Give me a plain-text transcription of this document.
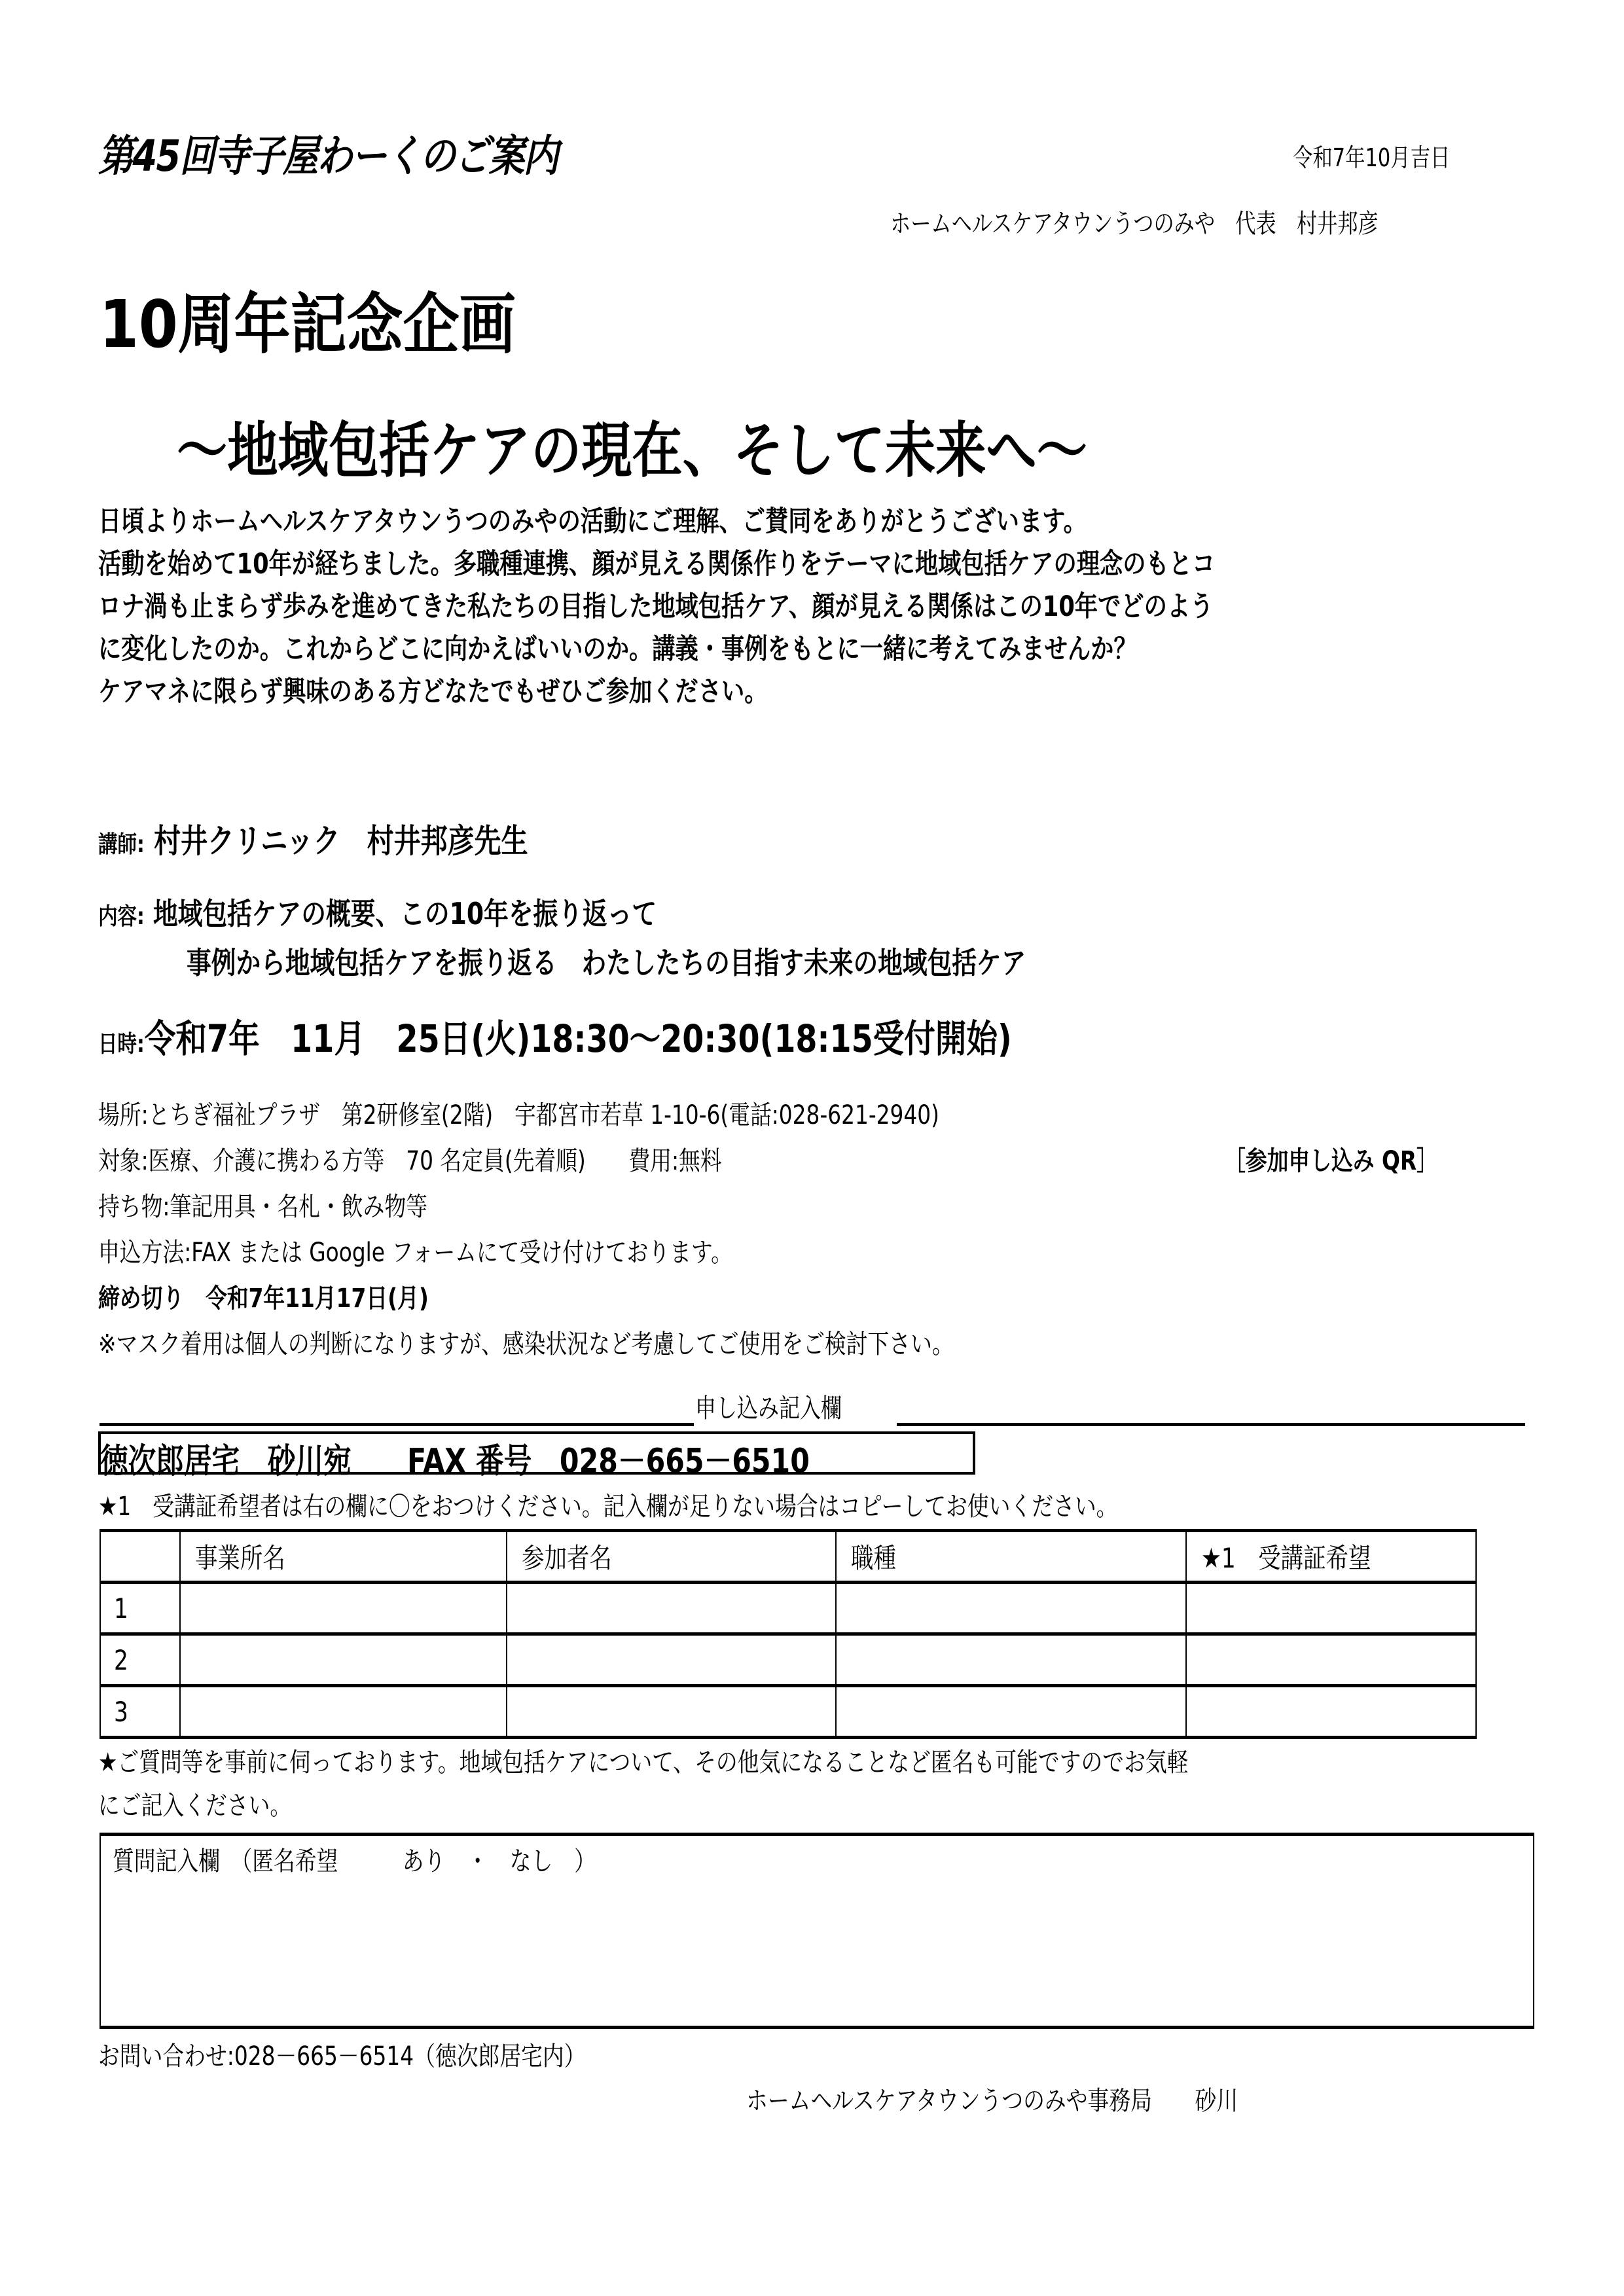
第45回寺子屋わーくのご案内	令和7年10月吉日
ホームヘルスケアタウンうつのみや　代表　村井邦彦
10周年記念企画
～地域包括ケアの現在、そして未来へ～
日頃よりホームヘルスケアタウンうつのみやの活動にご理解、ご賛同をありがとうございます。
活動を始めて10年が経ちました。多職種連携、顔が見える関係作りをテーマに地域包括ケアの理念のもとコ
ロナ渦も止まらず歩みを進めてきた私たちの目指した地域包括ケア、顔が見える関係はこの10年でどのよう
に変化したのか。これからどこに向かえばいいのか。講義・事例をもとに一緒に考えてみませんか？
ケアマネに限らず興味のある方どなたでもぜひご参加ください。
講師: 村井クリニック　村井邦彦先生
内容: 地域包括ケアの概要、この10年を振り返って
事例から地域包括ケアを振り返る　わたしたちの目指す未来の地域包括ケア
日時:令和7年　11月　25日(火)18:30～20:30(18:15受付開始)
場所:とちぎ福祉プラザ　第2研修室(2階)　宇都宮市若草 1-10-6(電話:028-621-2940)
対象:医療、介護に携わる方等　70 名定員(先着順)　　費用:無料	［参加申し込み QR］
持ち物:筆記用具・名札・飲み物等
申込方法:FAX または Google フォームにて受け付けております。
締め切り　令和7年11月17日(月)
※マスク着用は個人の判断になりますが、感染状況など考慮してご使用をご検討下さい。
申し込み記入欄
徳次郎居宅　砂川宛　　FAX 番号　028－665－6510
★1　受講証希望者は右の欄に〇をおつけください。記入欄が足りない場合はコピーしてお使いください。
	事業所名	参加者名	職種	★1　受講証希望
1				
2				
3				
★ご質問等を事前に伺っております。地域包括ケアについて、その他気になることなど匿名も可能ですのでお気軽
にご記入ください。
質問記入欄　（匿名希望　　　あり　・　なし　）
お問い合わせ:028－665－6514（徳次郎居宅内）
ホームヘルスケアタウンうつのみや事務局　　砂川
